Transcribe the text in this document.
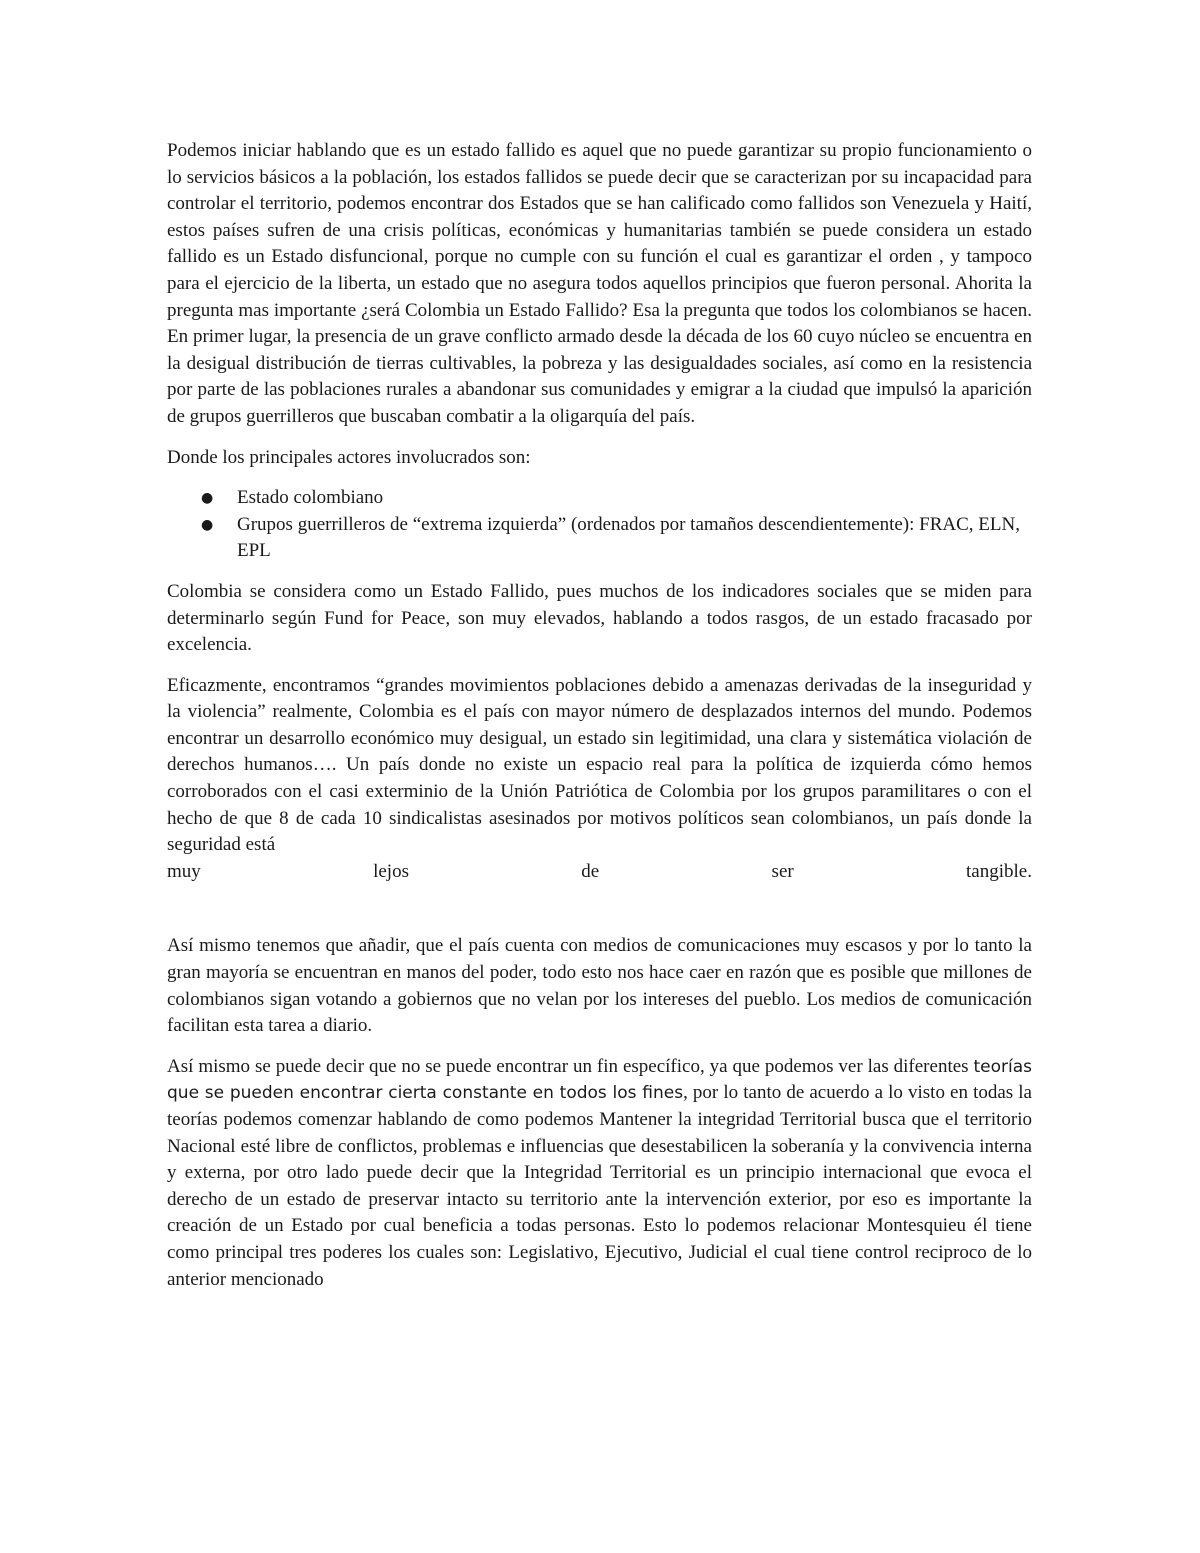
Podemos iniciar hablando que es un estado fallido es aquel que no puede garantizar su propio funcionamiento o lo servicios básicos a la población, los estados fallidos se puede decir que se caracterizan por su incapacidad para controlar el territorio, podemos encontrar dos Estados que se han calificado como fallidos son Venezuela y Haití, estos países sufren de una crisis políticas, económicas y humanitarias también se puede considera un estado fallido es un Estado disfuncional, porque no cumple con su función el cual es garantizar el orden , y tampoco para el ejercicio de la liberta, un estado que no asegura todos aquellos principios que fueron personal. Ahorita la pregunta mas importante ¿será Colombia un Estado Fallido? Esa la pregunta que todos los colombianos se hacen. En primer lugar, la presencia de un grave conflicto armado desde la década de los 60 cuyo núcleo se encuentra en la desigual distribución de tierras cultivables, la pobreza y las desigualdades sociales, así como en la resistencia por parte de las poblaciones rurales a abandonar sus comunidades y emigrar a la ciudad que impulsó la aparición de grupos guerrilleros que buscaban combatir a la oligarquía del país.

Donde los principales actores involucrados son:

● Estado colombiano
● Grupos guerrilleros de “extrema izquierda” (ordenados por tamaños descendientemente): FRAC, ELN, EPL

Colombia se considera como un Estado Fallido, pues muchos de los indicadores sociales que se miden para determinarlo según Fund for Peace, son muy elevados, hablando a todos rasgos, de un estado fracasado por excelencia.

Eficazmente, encontramos “grandes movimientos poblaciones debido a amenazas derivadas de la inseguridad y la violencia” realmente, Colombia es el país con mayor número de desplazados internos del mundo. Podemos encontrar un desarrollo económico muy desigual, un estado sin legitimidad, una clara y sistemática violación de derechos humanos…. Un país donde no existe un espacio real para la política de izquierda cómo hemos corroborados con el casi exterminio de la Unión Patriótica de Colombia por los grupos paramilitares o con el hecho de que 8 de cada 10 sindicalistas asesinados por motivos políticos sean colombianos, un país donde la seguridad está

muy	lejos	de	ser	tangible.

Así mismo tenemos que añadir, que el país cuenta con medios de comunicaciones muy escasos y por lo tanto la gran mayoría se encuentran en manos del poder, todo esto nos hace caer en razón que es posible que millones de colombianos sigan votando a gobiernos que no velan por los intereses del pueblo. Los medios de comunicación facilitan esta tarea a diario.

Así mismo se puede decir que no se puede encontrar un fin específico, ya que podemos ver las diferentes teorías que se pueden encontrar cierta constante en todos los fines, por lo tanto de acuerdo a lo visto en todas la teorías podemos comenzar hablando de como podemos Mantener la integridad Territorial busca que el territorio Nacional esté libre de conflictos, problemas e influencias que desestabilicen la soberanía y la convivencia interna y externa, por otro lado puede decir que la Integridad Territorial es un principio internacional que evoca el derecho de un estado de preservar intacto su territorio ante la intervención exterior, por eso es importante la creación de un Estado por cual beneficia a todas personas. Esto lo podemos relacionar Montesquieu él tiene como principal tres poderes los cuales son: Legislativo, Ejecutivo, Judicial el cual tiene control reciproco de lo anterior mencionado
